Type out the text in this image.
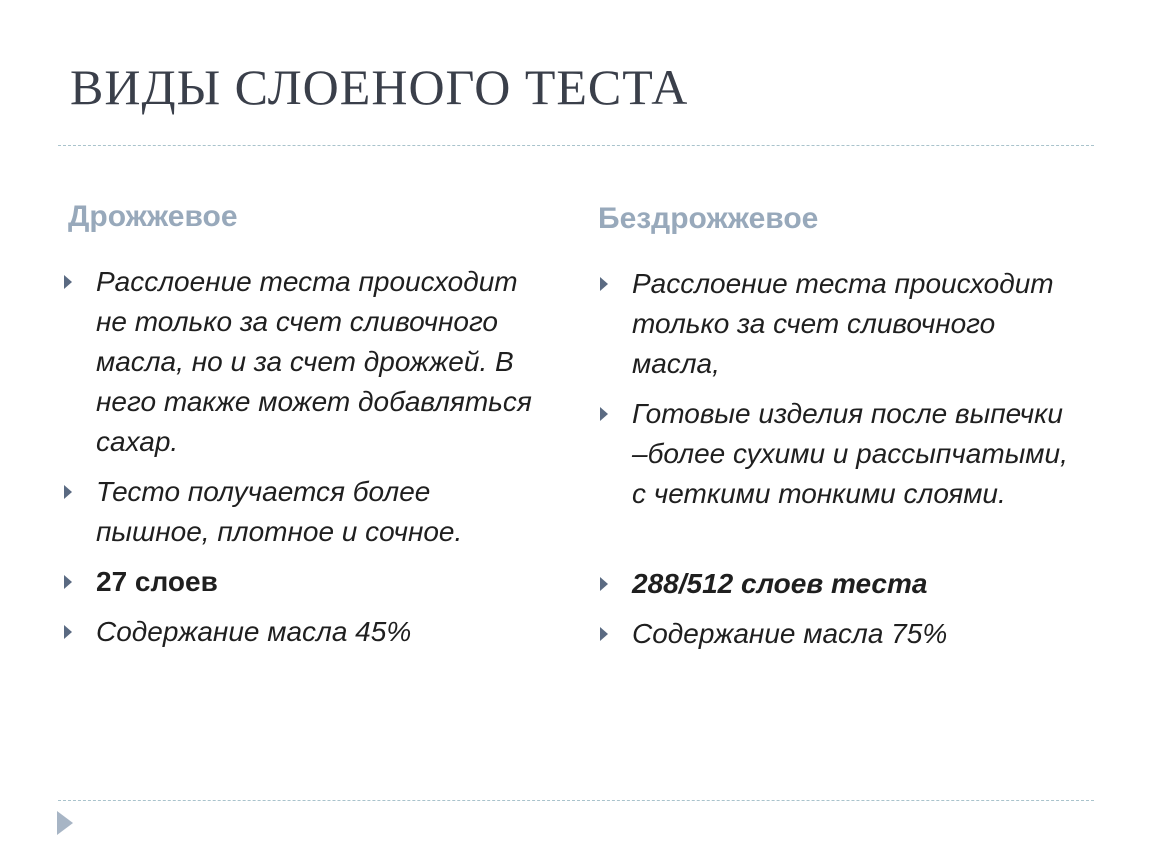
ВИДЫ СЛОЕНОГО ТЕСТА
Дрожжевое
Расслоение теста происходит не только за счет сливочного масла, но и за счет дрожжей. В него также может добавляться сахар.
Тесто получается более пышное, плотное и сочное.
27 слоев
Содержание масла 45%
Бездрожжевое
Расслоение теста происходит только за счет сливочного масла,
Готовые изделия после выпечки –более сухими и рассыпчатыми, с четкими тонкими слоями.
288/512 слоев теста
Содержание масла 75%
